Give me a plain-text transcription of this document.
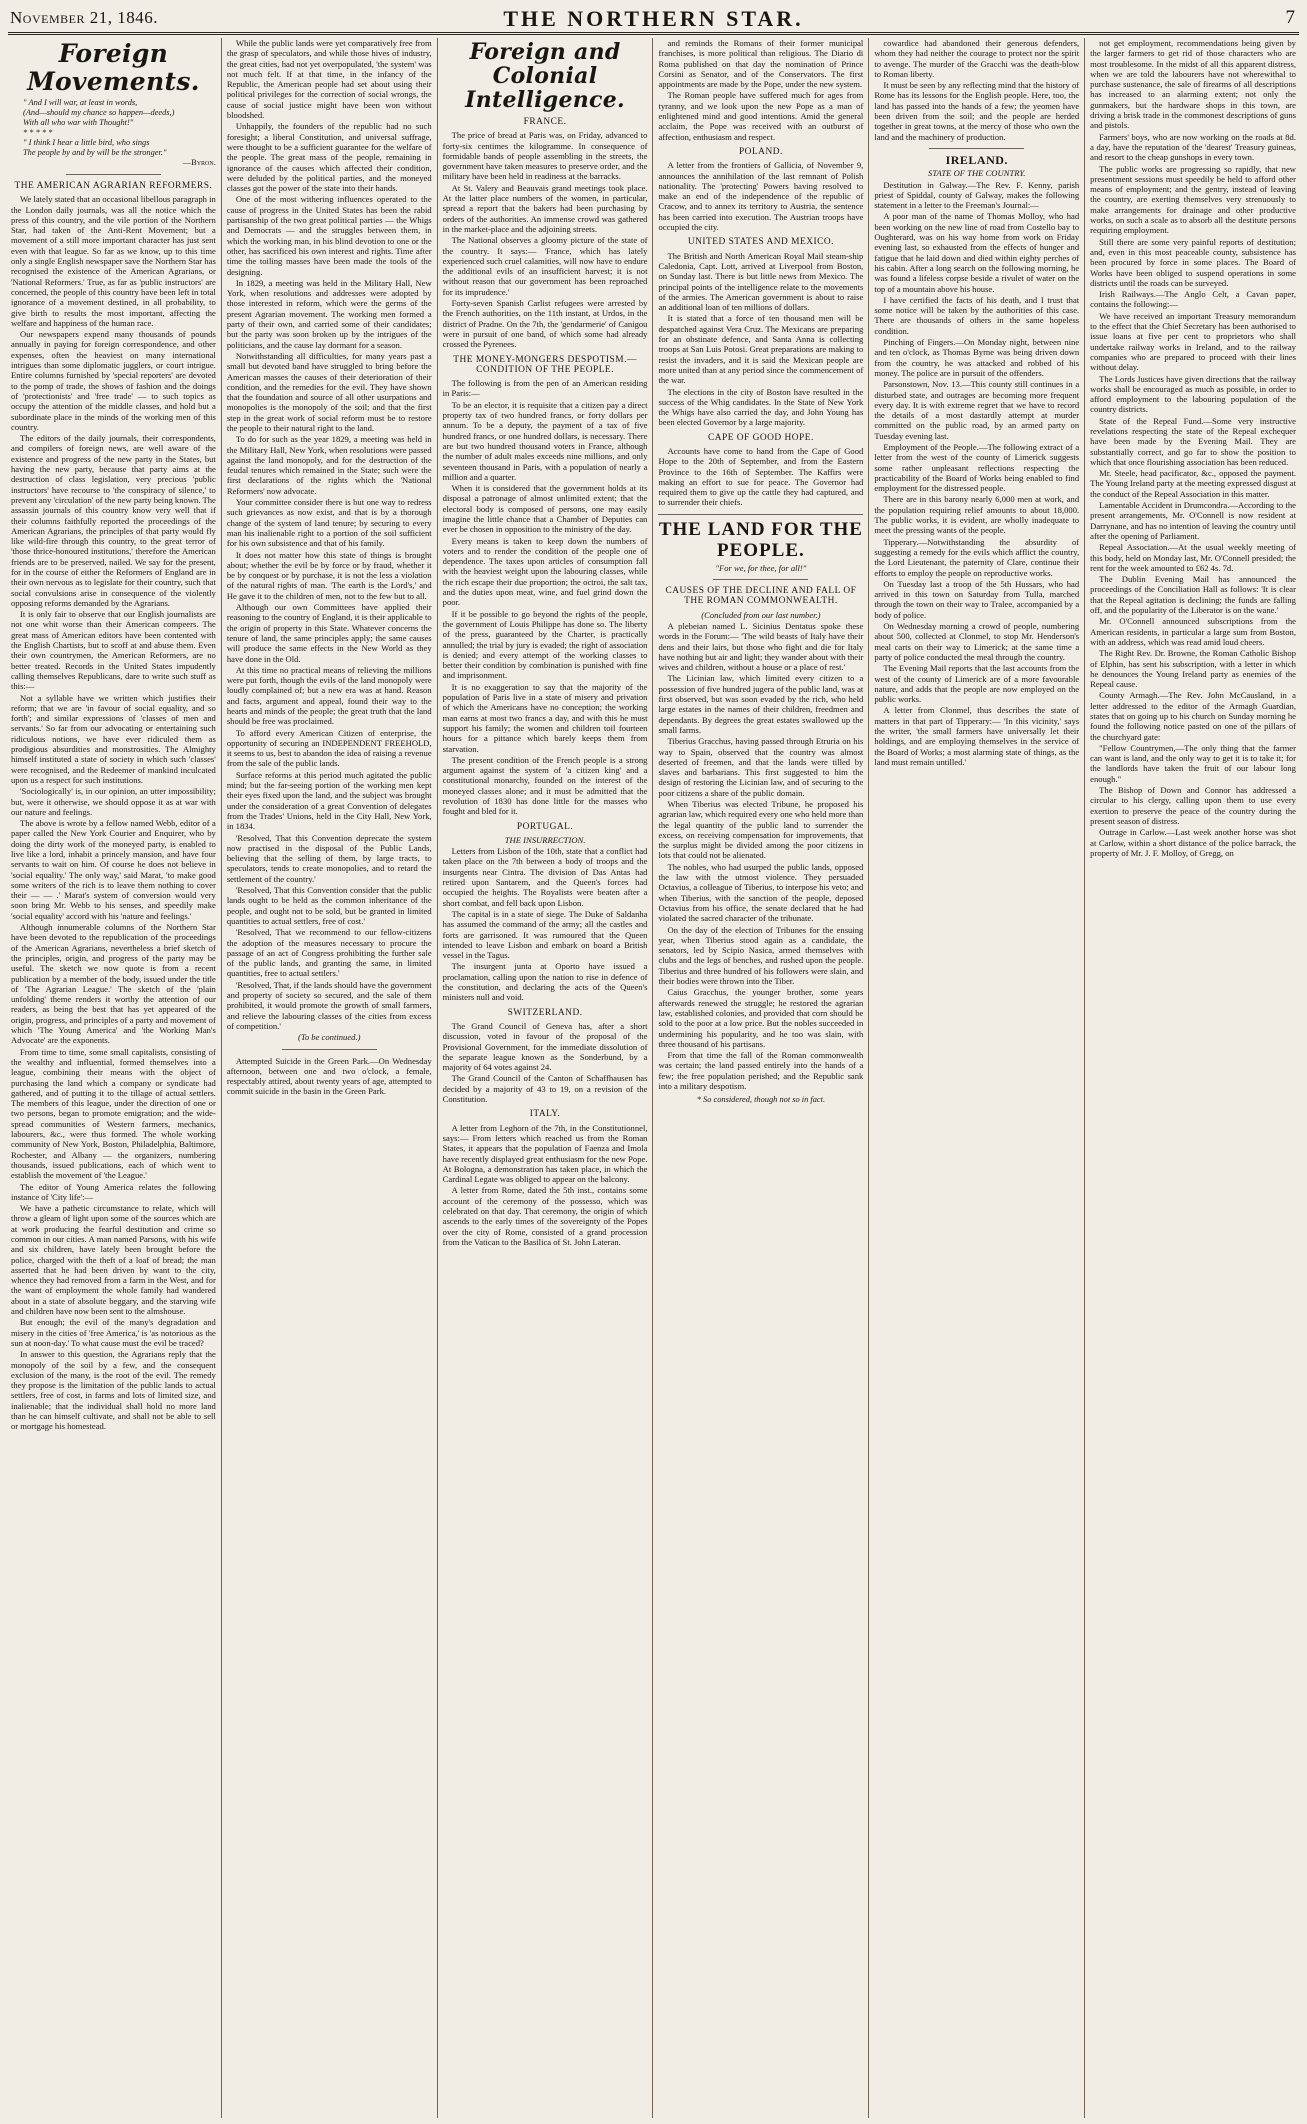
November 21, 1846.	THE NORTHERN STAR.	7
Foreign Movements.
" And I will war, at least in words,
(And—should my chance so happen—deeds,)
With all who war with Thought!"
* * * * *
" I think I hear a little bird, who sings
The people by and by will be the stronger."
—Byron.
THE AMERICAN AGRARIAN REFORMERS.

We lately stated that an occasional libellous paragraph in the London daily journals, was all the notice which the press of this country, and the vile portion of the Northern Star, had taken of the Anti-Rent Movement; but a movement of a still more important character has just sent even with that league. So far as we know, up to this time only a single English newspaper save the Northern Star has recognised the existence of the American Agrarians, or 'National Reformers.' True, as far as 'public instructors' are concerned, the people of this country have been left in total ignorance of a movement destined, in all probability, to give birth to results the most important, affecting the welfare and happiness of the human race.

Our newspapers expend many thousands of pounds annually in paying for foreign correspondence, and other expenses, often the heaviest on many international intrigues than some diplomatic jugglers, or court intrigue. Entire columns furnished by 'special reporters' are devoted to the pomp of trade, the shows of fashion and the doings of 'protectionists' and 'free trade' — to such topics as occupy the attention of the middle classes, and hold but a subordinate place in the minds of the working men of this country.

The editors of the daily journals, their correspondents, and compilers of foreign news, are well aware of the existence and progress of the new party in the States, but having the new party, because that party aims at the destruction of class legislation, very precious 'public instructors' have recourse to 'the conspiracy of silence,' to prevent any 'circulation' of the new party being known. The assassin journals of this country know very well that if their columns faithfully reported the proceedings of the American Agrarians, the principles of that party would fly like wild-fire through this country, to the great terror of 'those thrice-honoured institutions,' therefore the American friends are to be preserved, nailed. We say for the present, for in the course of either the Reformers of England are in their own nervous as to legislate for their country, such that social convulsions arise in consequence of the violently opposing reforms demanded by the Agrarians.

It is only fair to observe that our English journalists are not one whit worse than their American compeers. The great mass of American editors have been contented with the English Chartists, but to scoff at and abuse them. Even their own countrymen, the American Reformers, are no better treated. Records in the United States impudently calling themselves Republicans, dare to write such stuff as this:—

Not a syllable have we written which justifies their reform; that we are 'in favour of social equality, and so forth'; and similar expressions of 'classes of men and servants.' So far from our advocating or entertaining such ridiculous notions, we have ever ridiculed them as prodigious absurdities and monstrosities. The Almighty himself instituted a state of society in which such 'classes' were recognised, and the Redeemer of mankind inculcated upon us a respect for such institutions.

'Sociologically' is, in our opinion, an utter impossibility; but, were it otherwise, we should oppose it as at war with our nature and feelings.

The above is wrote by a fellow named Webb, editor of a paper called the New York Courier and Enquirer, who by doing the dirty work of the moneyed party, is enabled to live like a lord, inhabit a princely mansion, and have four servants to wait on him. Of course he does not believe in 'social equality.' The only way,' said Marat, 'to make good some writers of the rich is to leave them nothing to cover their — — .' Marat's system of conversion would very soon bring Mr. Webb to his senses, and speedily make 'social equality' accord with his 'nature and feelings.'

Although innumerable columns of the Northern Star have been devoted to the republication of the proceedings of the American Agrarians, nevertheless a brief sketch of the principles, origin, and progress of the party may be useful. The sketch we now quote is from a recent publication by a member of the body, issued under the title of 'The Agrarian League.' The sketch of the 'plain unfolding' theme renders it worthy the attention of our readers, as being the best that has yet appeared of the origin, progress, and principles of a party and movement of which 'The Young America' and 'the Working Man's Advocate' are the exponents.

From time to time, some small capitalists, consisting of the wealthy and influential, formed themselves into a league, combining their means with the object of purchasing the land which a company or syndicate had gathered, and of putting it to the tillage of actual settlers. The members of this league, under the direction of one or two persons, began to promote emigration; and the wide-spread communities of Western farmers, mechanics, labourers, &c., were thus formed. The whole working community of New York, Boston, Philadelphia, Baltimore, Rochester, and Albany — the organizers, numbering thousands, issued publications, each of which went to establish the movement of 'the League.'

The editor of Young America relates the following instance of 'City life':—

We have a pathetic circumstance to relate, which will throw a gleam of light upon some of the sources which are at work producing the fearful destitution and crime so common in our cities. A man named Parsons, with his wife and six children, have lately been brought before the police, charged with the theft of a loaf of bread; the man asserted that he had been driven by want to the city, whence they had removed from a farm in the West, and for the want of employment the whole family had wandered about in a state of absolute beggary, and the starving wife and children have now been sent to the almshouse.

But enough; the evil of the many's degradation and misery in the cities of 'free America,' is 'as notorious as the sun at noon-day.' To what cause must the evil be traced?

In answer to this question, the Agrarians reply that the monopoly of the soil by a few, and the consequent exclusion of the many, is the root of the evil. The remedy they propose is the limitation of the public lands to actual settlers, free of cost, in farms and lots of limited size, and inalienable; that the individual shall hold no more land than he can himself cultivate, and shall not be able to sell or mortgage his homestead.

While the public lands were yet comparatively free from the grasp of speculators, and while those hives of industry, the great cities, had not yet overpopulated, 'the system' was not much felt. If at that time, in the infancy of the Republic, the American people had set about using their political privileges for the correction of social wrongs, the cause of social justice might have been won without bloodshed.

Unhappily, the founders of the republic had no such foresight; a liberal Constitution, and universal suffrage, were thought to be a sufficient guarantee for the welfare of the people. The great mass of the people, remaining in ignorance of the causes which affected their condition, were deluded by the political parties, and the moneyed classes got the power of the state into their hands.

One of the most withering influences operated to the cause of progress in the United States has been the rabid partisanship of the two great political parties — the Whigs and Democrats — and the struggles between them, in which the working man, in his blind devotion to one or the other, has sacrificed his own interest and rights. Time after time the toiling masses have been made the tools of the designing.

In 1829, a meeting was held in the Military Hall, New York, when resolutions and addresses were adopted by those interested in reform, which were the germs of the present Agrarian movement. The working men formed a party of their own, and carried some of their candidates; but the party was soon broken up by the intrigues of the politicians, and the cause lay dormant for a season.

Notwithstanding all difficulties, for many years past a small but devoted band have struggled to bring before the American masses the causes of their deterioration of their condition, and the remedies for the evil. They have shown that the foundation and source of all other usurpations and monopolies is the monopoly of the soil; and that the first step in the great work of social reform must be to restore the people to their natural right to the land.

To do for such as the year 1829, a meeting was held in the Military Hall, New York, when resolutions were passed against the land monopoly, and for the destruction of the feudal tenures which remained in the State; such were the first declarations of the rights which the 'National Reformers' now advocate.

Your committee consider there is but one way to redress such grievances as now exist, and that is by a thorough change of the system of land tenure; by securing to every man his inalienable right to a portion of the soil sufficient for his own subsistence and that of his family.

It does not matter how this state of things is brought about; whether the evil be by force or by fraud, whether it be by conquest or by purchase, it is not the less a violation of the natural rights of man. 'The earth is the Lord's,' and He gave it to the children of men, not to the few but to all.

Although our own Committees have applied their reasoning to the country of England, it is their applicable to the origin of property in this State. Whatever concerns the tenure of land, the same principles apply; the same causes will produce the same effects in the New World as they have done in the Old.

At this time no practical means of relieving the millions were put forth, though the evils of the land monopoly were loudly complained of; but a new era was at hand. Reason and facts, argument and appeal, found their way to the hearts and minds of the people; the great truth that the land should be free was proclaimed.

To afford every American Citizen of enterprise, the opportunity of securing an INDEPENDENT FREEHOLD, it seems to us, best to abandon the idea of raising a revenue from the sale of the public lands.

Surface reforms at this period much agitated the public mind; but the far-seeing portion of the working men kept their eyes fixed upon the land, and the subject was brought under the consideration of a great Convention of delegates from the Trades' Unions, held in the City Hall, New York, in 1834.

'Resolved, That this Convention deprecate the system now practised in the disposal of the Public Lands, believing that the selling of them, by large tracts, to speculators, tends to create monopolies, and to retard the settlement of the country.'

'Resolved, That this Convention consider that the public lands ought to be held as the common inheritance of the people, and ought not to be sold, but be granted in limited quantities to actual settlers, free of cost.'

'Resolved, That we recommend to our fellow-citizens the adoption of the measures necessary to procure the passage of an act of Congress prohibiting the further sale of the public lands, and granting the same, in limited quantities, free to actual settlers.'

'Resolved, That, if the lands should have the government and property of society so secured, and the sale of them prohibited, it would promote the growth of small farmers, and relieve the labouring classes of the cities from excess of competition.'

(To be continued.)

Attempted Suicide in the Green Park.—On Wednesday afternoon, between one and two o'clock, a female, respectably attired, about twenty years of age, attempted to commit suicide in the basin in the Green Park.

Foreign and Colonial
Intelligence.
FRANCE.

The price of bread at Paris was, on Friday, advanced to forty-six centimes the kilogramme. In consequence of formidable bands of people assembling in the streets, the government have taken measures to preserve order, and the military have been held in readiness at the barracks.

At St. Valery and Beauvais grand meetings took place. At the latter place numbers of the women, in particular, spread a report that the bakers had been purchasing by orders of the authorities. An immense crowd was gathered in the market-place and the adjoining streets.

The National observes a gloomy picture of the state of the country. It says:— 'France, which has lately experienced such cruel calamities, will now have to endure the additional evils of an insufficient harvest; it is not without reason that our government has been reproached for its imprudence.'

Forty-seven Spanish Carlist refugees were arrested by the French authorities, on the 11th instant, at Urdos, in the district of Pradne. On the 7th, the 'gendarmerie' of Canigou were in pursuit of one band, of which some had already crossed the Pyrenees.

THE MONEY-MONGERS DESPOTISM.—CONDITION OF THE PEOPLE.

The following is from the pen of an American residing in Paris:—

To be an elector, it is requisite that a citizen pay a direct property tax of two hundred francs, or forty dollars per annum. To be a deputy, the payment of a tax of five hundred francs, or one hundred dollars, is necessary. There are but two hundred thousand voters in France, although the number of adult males exceeds nine millions, and only seventeen thousand in Paris, with a population of nearly a million and a quarter.

When it is considered that the government holds at its disposal a patronage of almost unlimited extent; that the electoral body is composed of persons, one may easily imagine the little chance that a Chamber of Deputies can ever be chosen in opposition to the ministry of the day.

Every means is taken to keep down the numbers of voters and to render the condition of the people one of dependence. The taxes upon articles of consumption fall with the heaviest weight upon the labouring classes, while the rich escape their due proportion; the octroi, the salt tax, and the duties upon meat, wine, and fuel grind down the poor.

If it be possible to go beyond the rights of the people, the government of Louis Philippe has done so. The liberty of the press, guaranteed by the Charter, is practically annulled; the trial by jury is evaded; the right of association is denied; and every attempt of the working classes to better their condition by combination is punished with fine and imprisonment.

It is no exaggeration to say that the majority of the population of Paris live in a state of misery and privation of which the Americans have no conception; the working man earns at most two francs a day, and with this he must support his family; the women and children toil fourteen hours for a pittance which barely keeps them from starvation.

The present condition of the French people is a strong argument against the system of 'a citizen king' and a constitutional monarchy, founded on the interest of the moneyed classes alone; and it must be admitted that the revolution of 1830 has done little for the masses who fought and bled for it.

PORTUGAL.
THE INSURRECTION.

Letters from Lisbon of the 10th, state that a conflict had taken place on the 7th between a body of troops and the insurgents near Cintra. The division of Das Antas had retired upon Santarem, and the Queen's forces had occupied the heights. The Royalists were beaten after a short combat, and fell back upon Lisbon.

The capital is in a state of siege. The Duke of Saldanha has assumed the command of the army; all the castles and forts are garrisoned. It was rumoured that the Queen intended to leave Lisbon and embark on board a British vessel in the Tagus.

The insurgent junta at Oporto have issued a proclamation, calling upon the nation to rise in defence of the constitution, and declaring the acts of the Queen's ministers null and void.

SWITZERLAND.

The Grand Council of Geneva has, after a short discussion, voted in favour of the proposal of the Provisional Government, for the immediate dissolution of the separate league known as the Sonderbund, by a majority of 64 votes against 24.

The Grand Council of the Canton of Schaffhausen has decided by a majority of 43 to 19, on a revision of the Constitution.

ITALY.

A letter from Leghorn of the 7th, in the Constitutionnel, says:— From letters which reached us from the Roman States, it appears that the population of Faenza and Imola have recently displayed great enthusiasm for the new Pope. At Bologna, a demonstration has taken place, in which the Cardinal Legate was obliged to appear on the balcony.

A letter from Rome, dated the 5th inst., contains some account of the ceremony of the possesso, which was celebrated on that day. That ceremony, the origin of which ascends to the early times of the sovereignty of the Popes over the city of Rome, consisted of a grand procession from the Vatican to the Basilica of St. John Lateran.

and reminds the Romans of their former municipal franchises, is more political than religious. The Diario di Roma published on that day the nomination of Prince Corsini as Senator, and of the Conservators. The first appointments are made by the Pope, under the new system.

The Roman people have suffered much for ages from tyranny, and we look upon the new Pope as a man of enlightened mind and good intentions. Amid the general acclaim, the Pope was received with an outburst of affection, enthusiasm and respect.

POLAND.

A letter from the frontiers of Gallicia, of November 9, announces the annihilation of the last remnant of Polish nationality. The 'protecting' Powers having resolved to make an end of the independence of the republic of Cracow, and to annex its territory to Austria, the sentence has been carried into execution. The Austrian troops have occupied the city.

UNITED STATES AND MEXICO.

The British and North American Royal Mail steam-ship Caledonia, Capt. Lott, arrived at Liverpool from Boston, on Sunday last. There is but little news from Mexico. The principal points of the intelligence relate to the movements of the armies. The American government is about to raise an additional loan of ten millions of dollars.

It is stated that a force of ten thousand men will be despatched against Vera Cruz. The Mexicans are preparing for an obstinate defence, and Santa Anna is collecting troops at San Luis Potosi. Great preparations are making to resist the invaders, and it is said the Mexican people are more united than at any period since the commencement of the war.

The elections in the city of Boston have resulted in the success of the Whig candidates. In the State of New York the Whigs have also carried the day, and John Young has been elected Governor by a large majority.

CAPE OF GOOD HOPE.

Accounts have come to hand from the Cape of Good Hope to the 20th of September, and from the Eastern Province to the 16th of September. The Kaffirs were making an effort to sue for peace. The Governor had required them to give up the cattle they had captured, and to surrender their chiefs.

THE LAND FOR THE PEOPLE.
"For we, for thee, for all!"
CAUSES OF THE DECLINE AND FALL OF THE ROMAN COMMONWEALTH.
(Concluded from our last number.)

A plebeian named L. Sicinius Dentatus spoke these words in the Forum:— 'The wild beasts of Italy have their dens and their lairs, but those who fight and die for Italy have nothing but air and light; they wander about with their wives and children, without a house or a place of rest.'

The Licinian law, which limited every citizen to a possession of five hundred jugera of the public land, was at first observed, but was soon evaded by the rich, who held large estates in the names of their children, freedmen and dependants. By degrees the great estates swallowed up the small farms.

Tiberius Gracchus, having passed through Etruria on his way to Spain, observed that the country was almost deserted of freemen, and that the lands were tilled by slaves and barbarians. This first suggested to him the design of restoring the Licinian law, and of securing to the poor citizens a share of the public domain.

When Tiberius was elected Tribune, he proposed his agrarian law, which required every one who held more than the legal quantity of the public land to surrender the excess, on receiving compensation for improvements, that the surplus might be divided among the poor citizens in lots that could not be alienated.

The nobles, who had usurped the public lands, opposed the law with the utmost violence. They persuaded Octavius, a colleague of Tiberius, to interpose his veto; and when Tiberius, with the sanction of the people, deposed Octavius from his office, the senate declared that he had violated the sacred character of the tribunate.

On the day of the election of Tribunes for the ensuing year, when Tiberius stood again as a candidate, the senators, led by Scipio Nasica, armed themselves with clubs and the legs of benches, and rushed upon the people. Tiberius and three hundred of his followers were slain, and their bodies were thrown into the Tiber.

Caius Gracchus, the younger brother, some years afterwards renewed the struggle; he restored the agrarian law, established colonies, and provided that corn should be sold to the poor at a low price. But the nobles succeeded in undermining his popularity, and he too was slain, with three thousand of his partisans.

From that time the fall of the Roman commonwealth was certain; the land passed entirely into the hands of a few; the free population perished; and the Republic sank into a military despotism.

* So considered, though not so in fact.

cowardice had abandoned their generous defenders, whom they had neither the courage to protect nor the spirit to avenge. The murder of the Gracchi was the death-blow to Roman liberty.

It must be seen by any reflecting mind that the history of Rome has its lessons for the English people. Here, too, the land has passed into the hands of a few; the yeomen have been driven from the soil; and the people are herded together in great towns, at the mercy of those who own the land and the machinery of production.

IRELAND.
STATE OF THE COUNTRY.

Destitution in Galway.—The Rev. F. Kenny, parish priest of Spiddal, county of Galway, makes the following statement in a letter to the Freeman's Journal:—

A poor man of the name of Thomas Molloy, who had been working on the new line of road from Costello bay to Oughterard, was on his way home from work on Friday evening last, so exhausted from the effects of hunger and fatigue that he laid down and died within eighty perches of his cabin. After a long search on the following morning, he was found a lifeless corpse beside a rivulet of water on the top of a mountain above his house.

I have certified the facts of his death, and I trust that some notice will be taken by the authorities of this case. There are thousands of others in the same hopeless condition.

Pinching of Fingers.—On Monday night, between nine and ten o'clock, as Thomas Byrne was being driven down from the country, he was attacked and robbed of his money. The police are in pursuit of the offenders.

Parsonstown, Nov. 13.—This county still continues in a disturbed state, and outrages are becoming more frequent every day. It is with extreme regret that we have to record the details of a most dastardly attempt at murder committed on the public road, by an armed party on Tuesday evening last.

Employment of the People.—The following extract of a letter from the west of the county of Limerick suggests some rather unpleasant reflections respecting the practicability of the Board of Works being enabled to find employment for the distressed people.

There are in this barony nearly 6,000 men at work, and the population requiring relief amounts to about 18,000. The public works, it is evident, are wholly inadequate to meet the pressing wants of the people.

Tipperary.—Notwithstanding the absurdity of suggesting a remedy for the evils which afflict the country, the Lord Lieutenant, the paternity of Clare, continue their efforts to employ the people on reproductive works.

On Tuesday last a troop of the 5th Hussars, who had arrived in this town on Saturday from Tulla, marched through the town on their way to Tralee, accompanied by a body of police.

On Wednesday morning a crowd of people, numbering about 500, collected at Clonmel, to stop Mr. Henderson's meal carts on their way to Limerick; at the same time a party of police conducted the meal through the country.

The Evening Mail reports that the last accounts from the west of the county of Limerick are of a more favourable nature, and adds that the people are now employed on the public works.

A letter from Clonmel, thus describes the state of matters in that part of Tipperary:— 'In this vicinity,' says the writer, 'the small farmers have universally let their holdings, and are employing themselves in the service of the Board of Works; a most alarming state of things, as the land must remain untilled.'

not get employment, recommendations being given by the larger farmers to get rid of those characters who are most troublesome. In the midst of all this apparent distress, when we are told the labourers have not wherewithal to purchase sustenance, the sale of firearms of all descriptions has increased to an alarming extent; not only the gunmakers, but the hardware shops in this town, are driving a brisk trade in the commonest descriptions of guns and pistols.

Farmers' boys, who are now working on the roads at 8d. a day, have the reputation of the 'dearest' Treasury guineas, and resort to the cheap gunshops in every town.

The public works are progressing so rapidly, that new presentment sessions must speedily be held to afford other means of employment; and the gentry, instead of leaving the country, are exerting themselves very strenuously to make arrangements for drainage and other productive works, on such a scale as to absorb all the destitute persons requiring employment.

Still there are some very painful reports of destitution; and, even in this most peaceable county, subsistence has been procured by force in some places. The Board of Works have been obliged to suspend operations in some districts until the roads can be surveyed.

Irish Railways.—The Anglo Celt, a Cavan paper, contains the following:—

We have received an important Treasury memorandum to the effect that the Chief Secretary has been authorised to issue loans at five per cent to proprietors who shall undertake railway works in Ireland, and to the railway companies who are prepared to proceed with their lines without delay.

The Lords Justices have given directions that the railway works shall be encouraged as much as possible, in order to afford employment to the labouring population of the country districts.

State of the Repeal Fund.—Some very instructive revelations respecting the state of the Repeal exchequer have been made by the Evening Mail. They are substantially correct, and go far to show the position to which that once flourishing association has been reduced.

Mr. Steele, head pacificator, &c., opposed the payment. The Young Ireland party at the meeting expressed disgust at the conduct of the Repeal Association in this matter.

Lamentable Accident in Drumcondra.—According to the present arrangements, Mr. O'Connell is now resident at Darrynane, and has no intention of leaving the country until after the opening of Parliament.

Repeal Association.—At the usual weekly meeting of this body, held on Monday last, Mr. O'Connell presided; the rent for the week amounted to £62 4s. 7d.

The Dublin Evening Mail has announced the proceedings of the Conciliation Hall as follows: 'It is clear that the Repeal agitation is declining; the funds are falling off, and the popularity of the Liberator is on the wane.'

Mr. O'Connell announced subscriptions from the American residents, in particular a large sum from Boston, with an address, which was read amid loud cheers.

The Right Rev. Dr. Browne, the Roman Catholic Bishop of Elphin, has sent his subscription, with a letter in which he denounces the Young Ireland party as enemies of the Repeal cause.

County Armagh.—The Rev. John McCausland, in a letter addressed to the editor of the Armagh Guardian, states that on going up to his church on Sunday morning he found the following notice pasted on one of the pillars of the churchyard gate:

"Fellow Countrymen,—The only thing that the farmer can want is land, and the only way to get it is to take it; for the landlords have taken the fruit of our labour long enough."

The Bishop of Down and Connor has addressed a circular to his clergy, calling upon them to use every exertion to preserve the peace of the country during the present season of distress.

Outrage in Carlow.—Last week another horse was shot at Carlow, within a short distance of the police barrack, the property of Mr. J. F. Molloy, of Gregg, on
